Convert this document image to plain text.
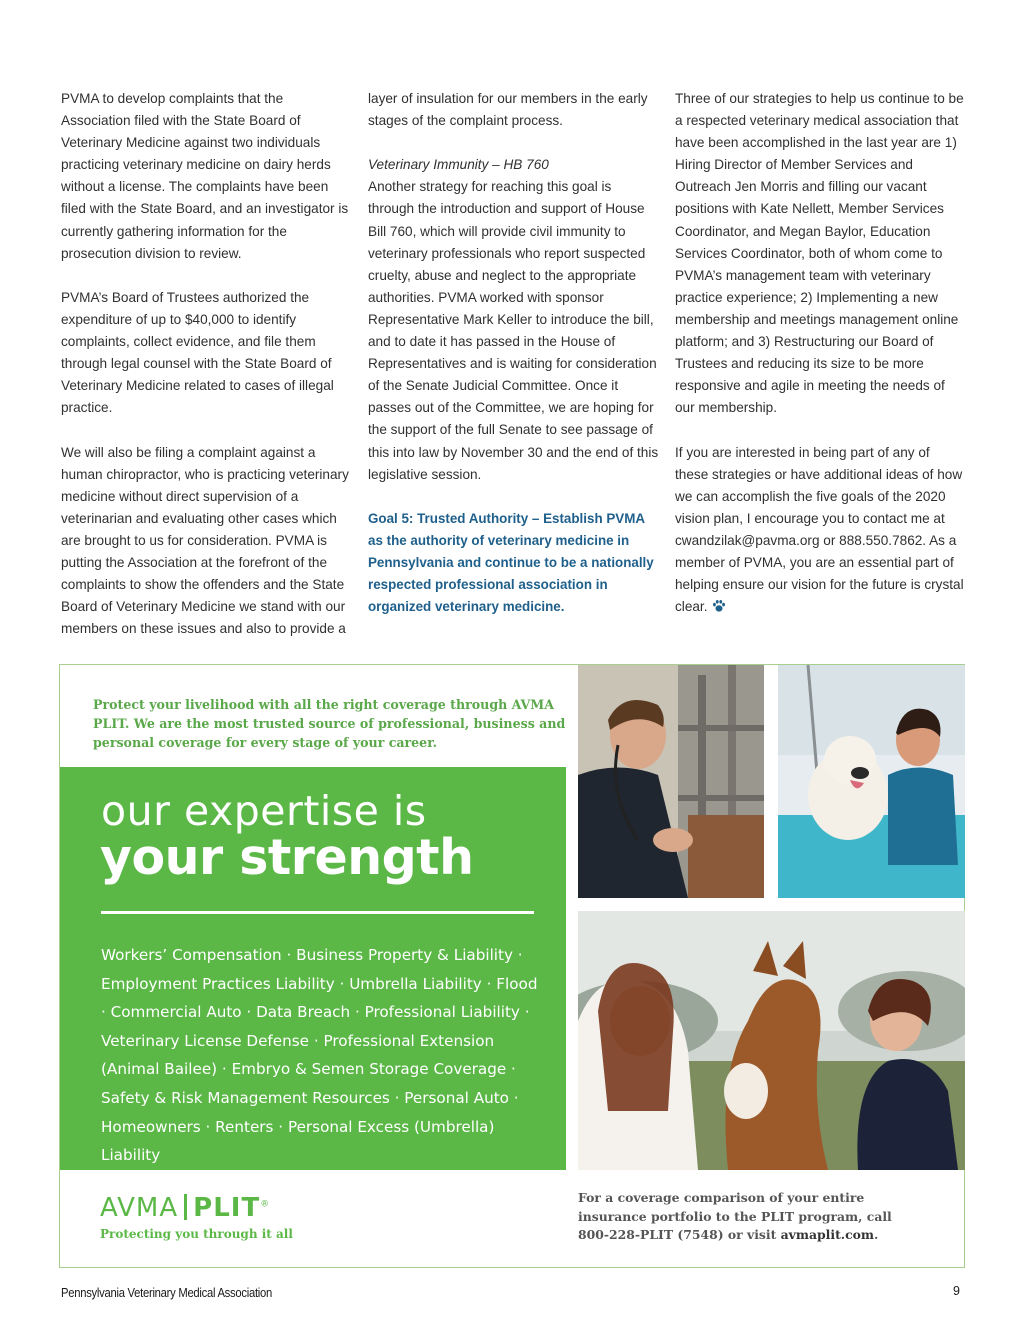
PVMA to develop complaints that the Association filed with the State Board of Veterinary Medicine against two individuals practicing veterinary medicine on dairy herds without a license. The complaints have been filed with the State Board, and an investigator is currently gathering information for the prosecution division to review.

PVMA’s Board of Trustees authorized the expenditure of up to $40,000 to identify complaints, collect evidence, and file them through legal counsel with the State Board of Veterinary Medicine related to cases of illegal practice.

We will also be filing a complaint against a human chiropractor, who is practicing veterinary medicine without direct supervision of a veterinarian and evaluating other cases which are brought to us for consideration. PVMA is putting the Association at the forefront of the complaints to show the offenders and the State Board of Veterinary Medicine we stand with our members on these issues and also to provide a

layer of insulation for our members in the early stages of the complaint process.

Veterinary Immunity – HB 760

Another strategy for reaching this goal is through the introduction and support of House Bill 760, which will provide civil immunity to veterinary professionals who report suspected cruelty, abuse and neglect to the appropriate authorities. PVMA worked with sponsor Representative Mark Keller to introduce the bill, and to date it has passed in the House of Representatives and is waiting for consideration of the Senate Judicial Committee. Once it passes out of the Committee, we are hoping for the support of the full Senate to see passage of this into law by November 30 and the end of this legislative session.

Goal 5: Trusted Authority – Establish PVMA as the authority of veterinary medicine in Pennsylvania and continue to be a nationally respected professional association in organized veterinary medicine.

Three of our strategies to help us continue to be a respected veterinary medical association that have been accomplished in the last year are 1) Hiring Director of Member Services and Outreach Jen Morris and filling our vacant positions with Kate Nellett, Member Services Coordinator, and Megan Baylor, Education Services Coordinator, both of whom come to PVMA’s management team with veterinary practice experience; 2) Implementing a new membership and meetings management online platform; and 3) Restructuring our Board of Trustees and reducing its size to be more responsive and agile in meeting the needs of our membership.

If you are interested in being part of any of these strategies or have additional ideas of how we can accomplish the five goals of the 2020 vision plan, I encourage you to contact me at cwandzilak@pavma.org or 888.550.7862. As a member of PVMA, you are an essential part of helping ensure our vision for the future is crystal clear.

Protect your livelihood with all the right coverage through AVMA PLIT. We are the most trusted source of professional, business and personal coverage for every stage of your career.
our expertise is
your strength
Workers’ Compensation · Business Property & Liability · Employment Practices Liability · Umbrella Liability · Flood · Commercial Auto · Data Breach · Professional Liability · Veterinary License Defense · Professional Extension (Animal Bailee) · Embryo & Semen Storage Coverage · Safety & Risk Management Resources · Personal Auto · Homeowners · Renters · Personal Excess (Umbrella) Liability
AVMA PLIT®
Protecting you through it all
For a coverage comparison of your entire insurance portfolio to the PLIT program, call 800-228-PLIT (7548) or visit avmaplit.com.
Pennsylvania Veterinary Medical Association	9
